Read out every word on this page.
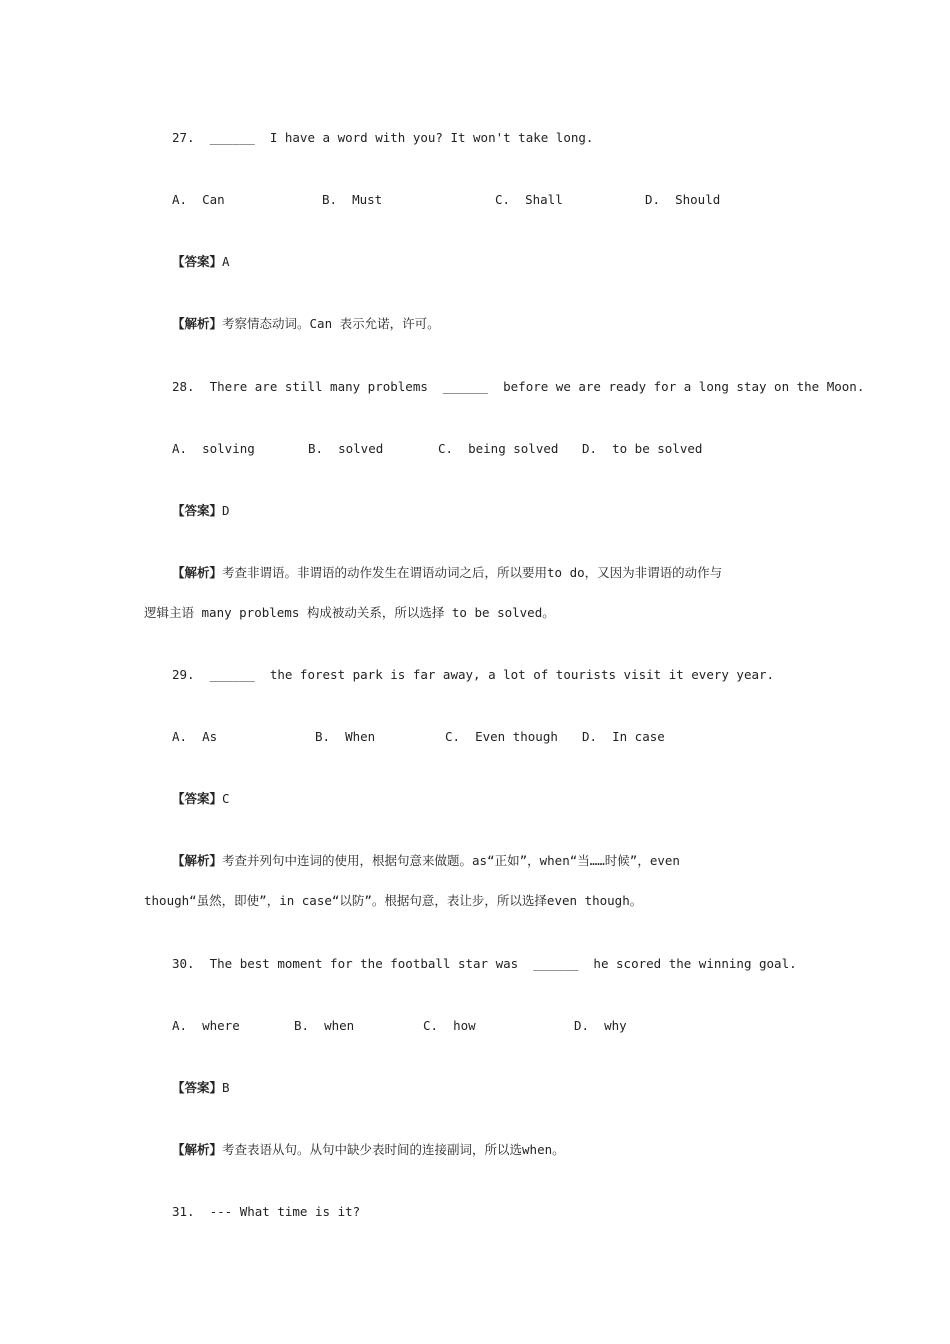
27.  ______  I have a word with you? It won't take long.
A.  Can	B.  Must	C.  Shall	D.  Should
【答案】A
【解析】考察情态动词。Can 表示允诺，许可。
28.  There are still many problems  ______  before we are ready for a long stay on the Moon.
A.  solving	B.  solved	C.  being solved D.  to be solved
【答案】D
【解析】考查非谓语。非谓语的动作发生在谓语动词之后，所以要用to do，又因为非谓语的动作与
逻辑主语 many problems 构成被动关系，所以选择 to be solved。
29.  ______  the forest park is far away, a lot of tourists visit it every year.
A.  As	B.  When	C.  Even though D.  In case
【答案】C
【解析】考查并列句中连词的使用，根据句意来做题。as“正如”，when“当……时候”，even
though“虽然，即使”，in case“以防”。根据句意，表让步，所以选择even though。
30.  The best moment for the football star was  ______  he scored the winning goal.
A.  where	B.  when	C.  how	D.  why
【答案】B
【解析】考查表语从句。从句中缺少表时间的连接副词，所以选when。
31.  --- What time is it?
